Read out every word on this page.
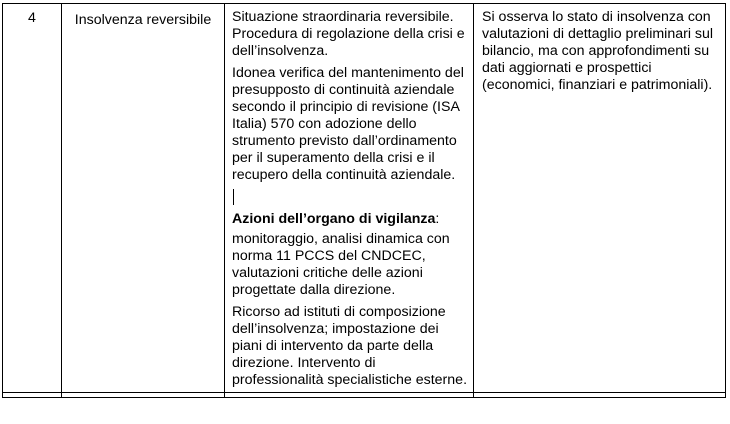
4	Insolvenza reversibile	Situazione straordinaria reversibile. Procedura di regolazione della crisi e dell’insolvenza.

Idonea verifica del mantenimento del presupposto di continuità aziendale secondo il principio di revisione (ISA Italia) 570 con adozione dello strumento previsto dall’ordinamento per il superamento della crisi e il recupero della continuità aziendale.

Azioni dell’organo di vigilanza:

monitoraggio, analisi dinamica con norma 11 PCCS del CNDCEC, valutazioni critiche delle azioni progettate dalla direzione.

Ricorso ad istituti di composizione dell’insolvenza; impostazione dei piani di intervento da parte della direzione. Intervento di professionalità specialistiche esterne.	Si osserva lo stato di insolvenza con valutazioni di dettaglio preliminari sul bilancio, ma con approfondimenti su dati aggiornati e prospettici (economici, finanziari e patrimoniali).
